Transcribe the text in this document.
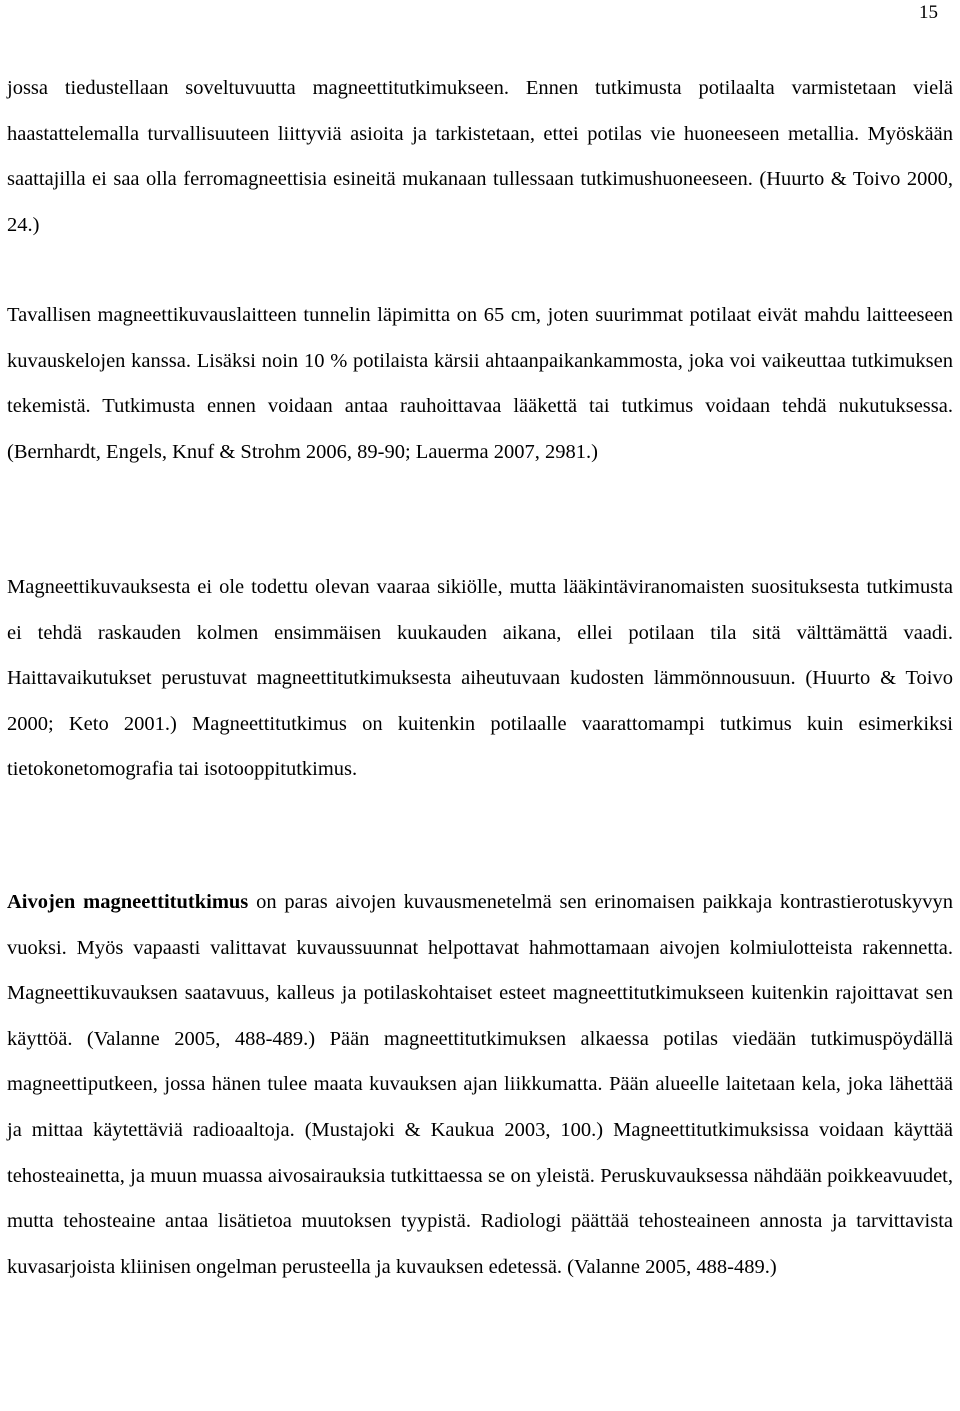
15

jossa tiedustellaan soveltuvuutta magneettitutkimukseen. Ennen tutkimusta potilaalta varmistetaan vielä haastattelemalla turvallisuuteen liittyviä asioita ja tarkistetaan, ettei potilas vie huoneeseen metallia. Myöskään saattajilla ei saa olla ferromagneettisia esineitä mukanaan tullessaan tutkimushuoneeseen. (Huurto & Toivo 2000, 24.)

Tavallisen magneettikuvauslaitteen tunnelin läpimitta on 65 cm, joten suurimmat potilaat eivät mahdu laitteeseen kuvauskelojen kanssa. Lisäksi noin 10 % potilaista kärsii ahtaanpaikankammosta, joka voi vaikeuttaa tutkimuksen tekemistä. Tutkimusta ennen voidaan antaa rauhoittavaa lääkettä tai tutkimus voidaan tehdä nukutuksessa. (Bernhardt, Engels, Knuf & Strohm 2006, 89-90; Lauerma 2007, 2981.)

Magneettikuvauksesta ei ole todettu olevan vaaraa sikiölle, mutta lääkintäviranomaisten suosituksesta tutkimusta ei tehdä raskauden kolmen ensimmäisen kuukauden aikana, ellei potilaan tila sitä välttämättä vaadi. Haittavaikutukset perustuvat magneettitutkimuksesta aiheutuvaan kudosten lämmönnousuun. (Huurto & Toivo 2000; Keto 2001.) Magneettitutkimus on kuitenkin potilaalle vaarattomampi tutkimus kuin esimerkiksi tietokonetomografia tai isotooppitutkimus.

Aivojen magneettitutkimus on paras aivojen kuvausmenetelmä sen erinomaisen paikkaja kontrastierotuskyvyn vuoksi. Myös vapaasti valittavat kuvaussuunnat helpottavat hahmottamaan aivojen kolmiulotteista rakennetta. Magneettikuvauksen saatavuus, kalleus ja potilaskohtaiset esteet magneettitutkimukseen kuitenkin rajoittavat sen käyttöä. (Valanne 2005, 488-489.) Pään magneettitutkimuksen alkaessa potilas viedään tutkimuspöydällä magneettiputkeen, jossa hänen tulee maata kuvauksen ajan liikkumatta. Pään alueelle laitetaan kela, joka lähettää ja mittaa käytettäviä radioaaltoja. (Mustajoki & Kaukua 2003, 100.) Magneettitutkimuksissa voidaan käyttää tehosteainetta, ja muun muassa aivosairauksia tutkittaessa se on yleistä. Peruskuvauksessa nähdään poikkeavuudet, mutta tehosteaine antaa lisätietoa muutoksen tyypistä. Radiologi päättää tehosteaineen annosta ja tarvittavista kuvasarjoista kliinisen ongelman perusteella ja kuvauksen edetessä. (Valanne 2005, 488-489.)
